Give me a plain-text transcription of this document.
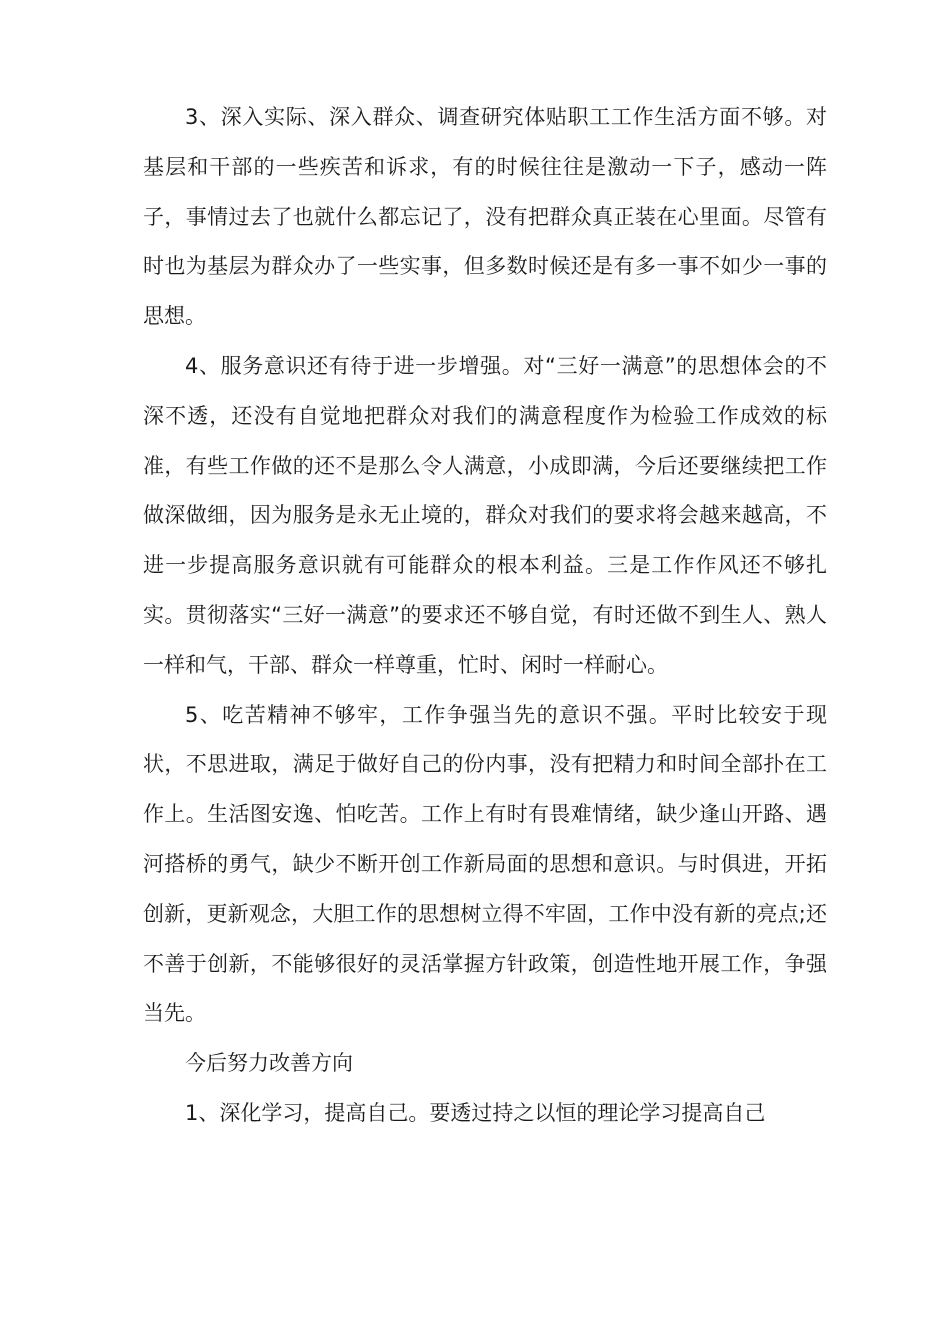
3、深入实际、深入群众、调查研究体贴职工工作生活方面不够。对基层和干部的一些疾苦和诉求，有的时候往往是激动一下子，感动一阵子，事情过去了也就什么都忘记了，没有把群众真正装在心里面。尽管有时也为基层为群众办了一些实事，但多数时候还是有多一事不如少一事的思想。

4、服务意识还有待于进一步增强。对“三好一满意”的思想体会的不深不透，还没有自觉地把群众对我们的满意程度作为检验工作成效的标准，有些工作做的还不是那么令人满意，小成即满，今后还要继续把工作做深做细，因为服务是永无止境的，群众对我们的要求将会越来越高，不进一步提高服务意识就有可能群众的根本利益。三是工作作风还不够扎实。贯彻落实“三好一满意”的要求还不够自觉，有时还做不到生人、熟人一样和气，干部、群众一样尊重，忙时、闲时一样耐心。

5、吃苦精神不够牢，工作争强当先的意识不强。平时比较安于现状，不思进取，满足于做好自己的份内事，没有把精力和时间全部扑在工作上。生活图安逸、怕吃苦。工作上有时有畏难情绪，缺少逢山开路、遇河搭桥的勇气，缺少不断开创工作新局面的思想和意识。与时俱进，开拓创新，更新观念，大胆工作的思想树立得不牢固，工作中没有新的亮点;还不善于创新，不能够很好的灵活掌握方针政策，创造性地开展工作，争强当先。

今后努力改善方向

1、深化学习，提高自己。要透过持之以恒的理论学习提高自己
